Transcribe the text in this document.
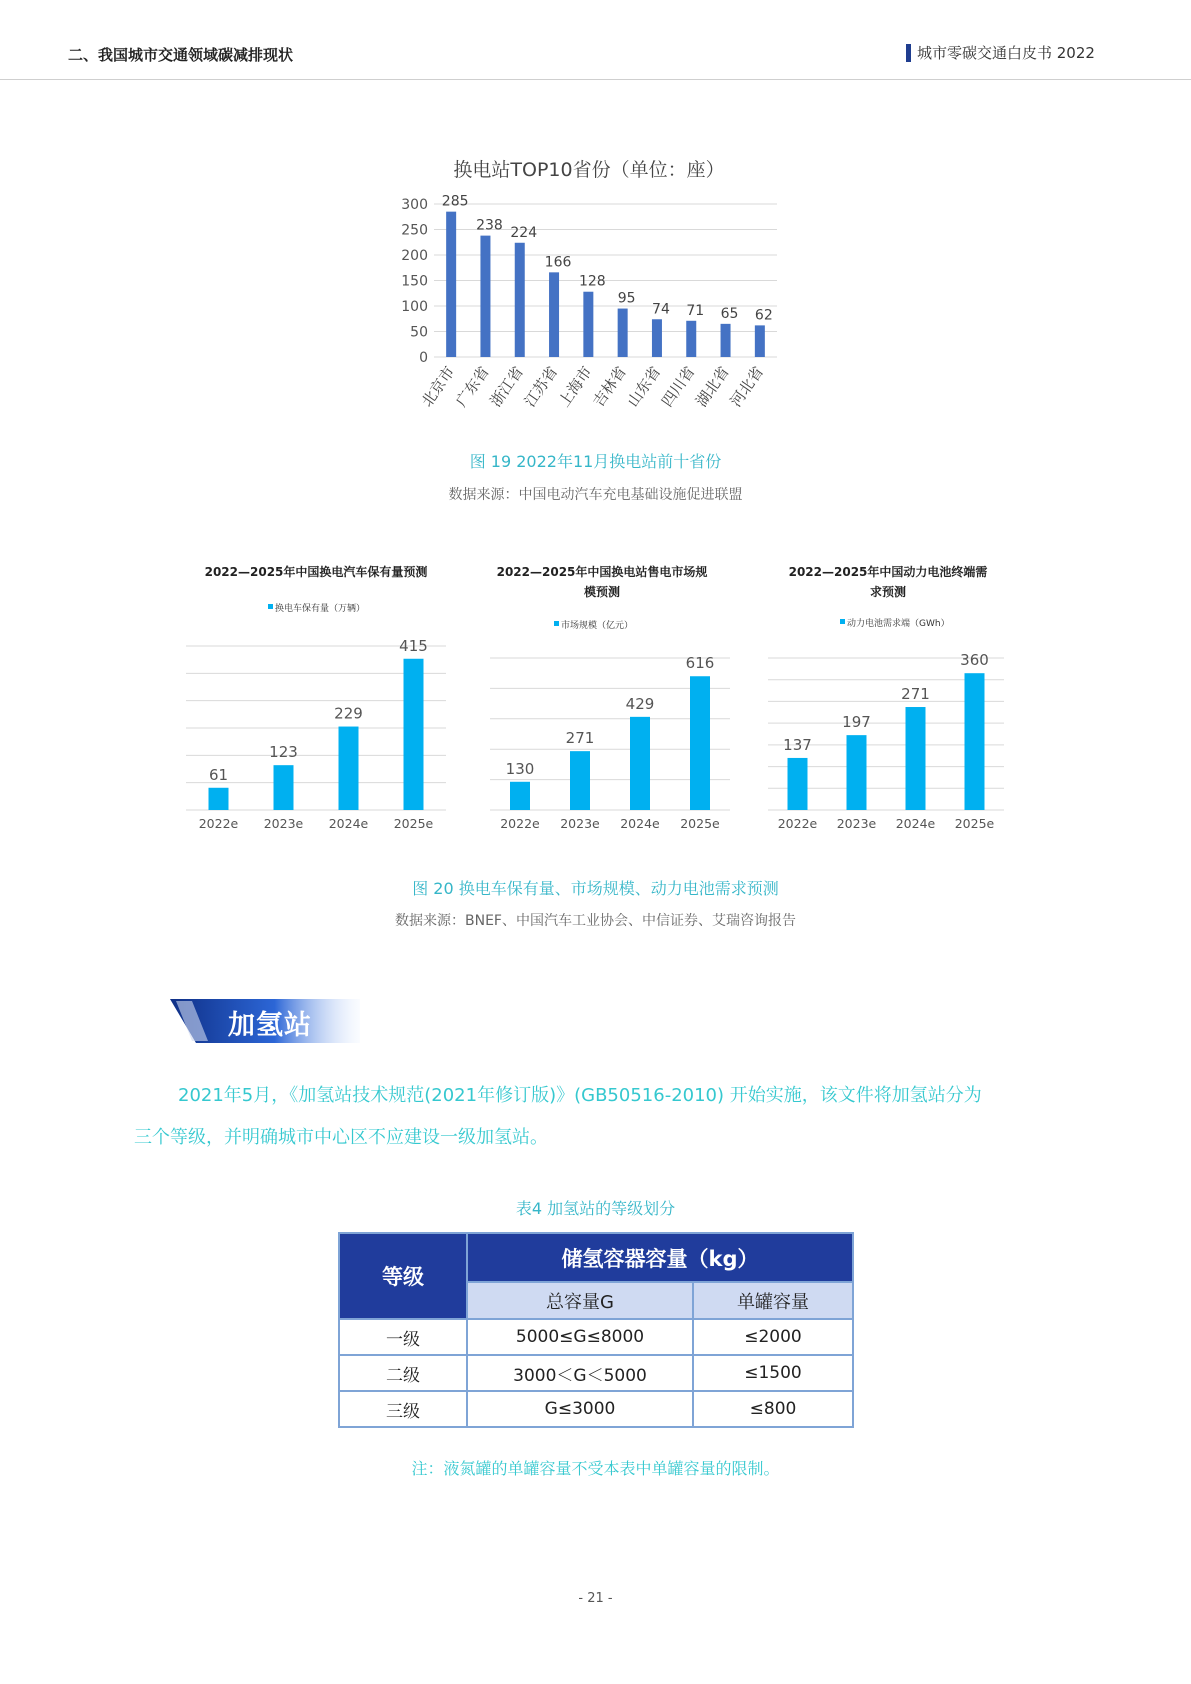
二、我国城市交通领域碳减排现状	城市零碳交通白皮书 2022
换电站TOP10省份（单位：座）
0
50
100
150
200
250
300 285
北京市
238
广东省
224
浙江省
166
江苏省
128
上海市
95
吉林省
74
山东省
71
四川省
65
湖北省
62
河北省
图 19 2022年11月换电站前十省份
数据来源：中国电动汽车充电基础设施促进联盟
2022—2025年中国换电汽车保有量预测
换电车保有量（万辆）
61
2022e
123
2023e
229
2024e
415
2025e
2022—2025年中国换电站售电市场规
模预测
市场规模（亿元）
130
2022e
271
2023e
429
2024e
616
2025e
2022—2025年中国动力电池终端需
求预测
动力电池需求端（GWh）
137
2022e
197
2023e
271
2024e
360
2025e
图 20 换电车保有量、市场规模、动力电池需求预测
数据来源：BNEF、中国汽车工业协会、中信证券、艾瑞咨询报告
加氢站
2021年5月，《加氢站技术规范(2021年修订版)》(GB50516-2010) 开始实施，该文件将加氢站分为
三个等级，并明确城市中心区不应建设一级加氢站。
表4 加氢站的等级划分
等级	储氢容器容量（kg）	
	总容量G	单罐容量
一级	5000≤G≤8000	≤2000
二级	3000＜G＜5000	≤1500
三级	G≤3000	≤800
注：液氮罐的单罐容量不受本表中单罐容量的限制。
- 21 -
